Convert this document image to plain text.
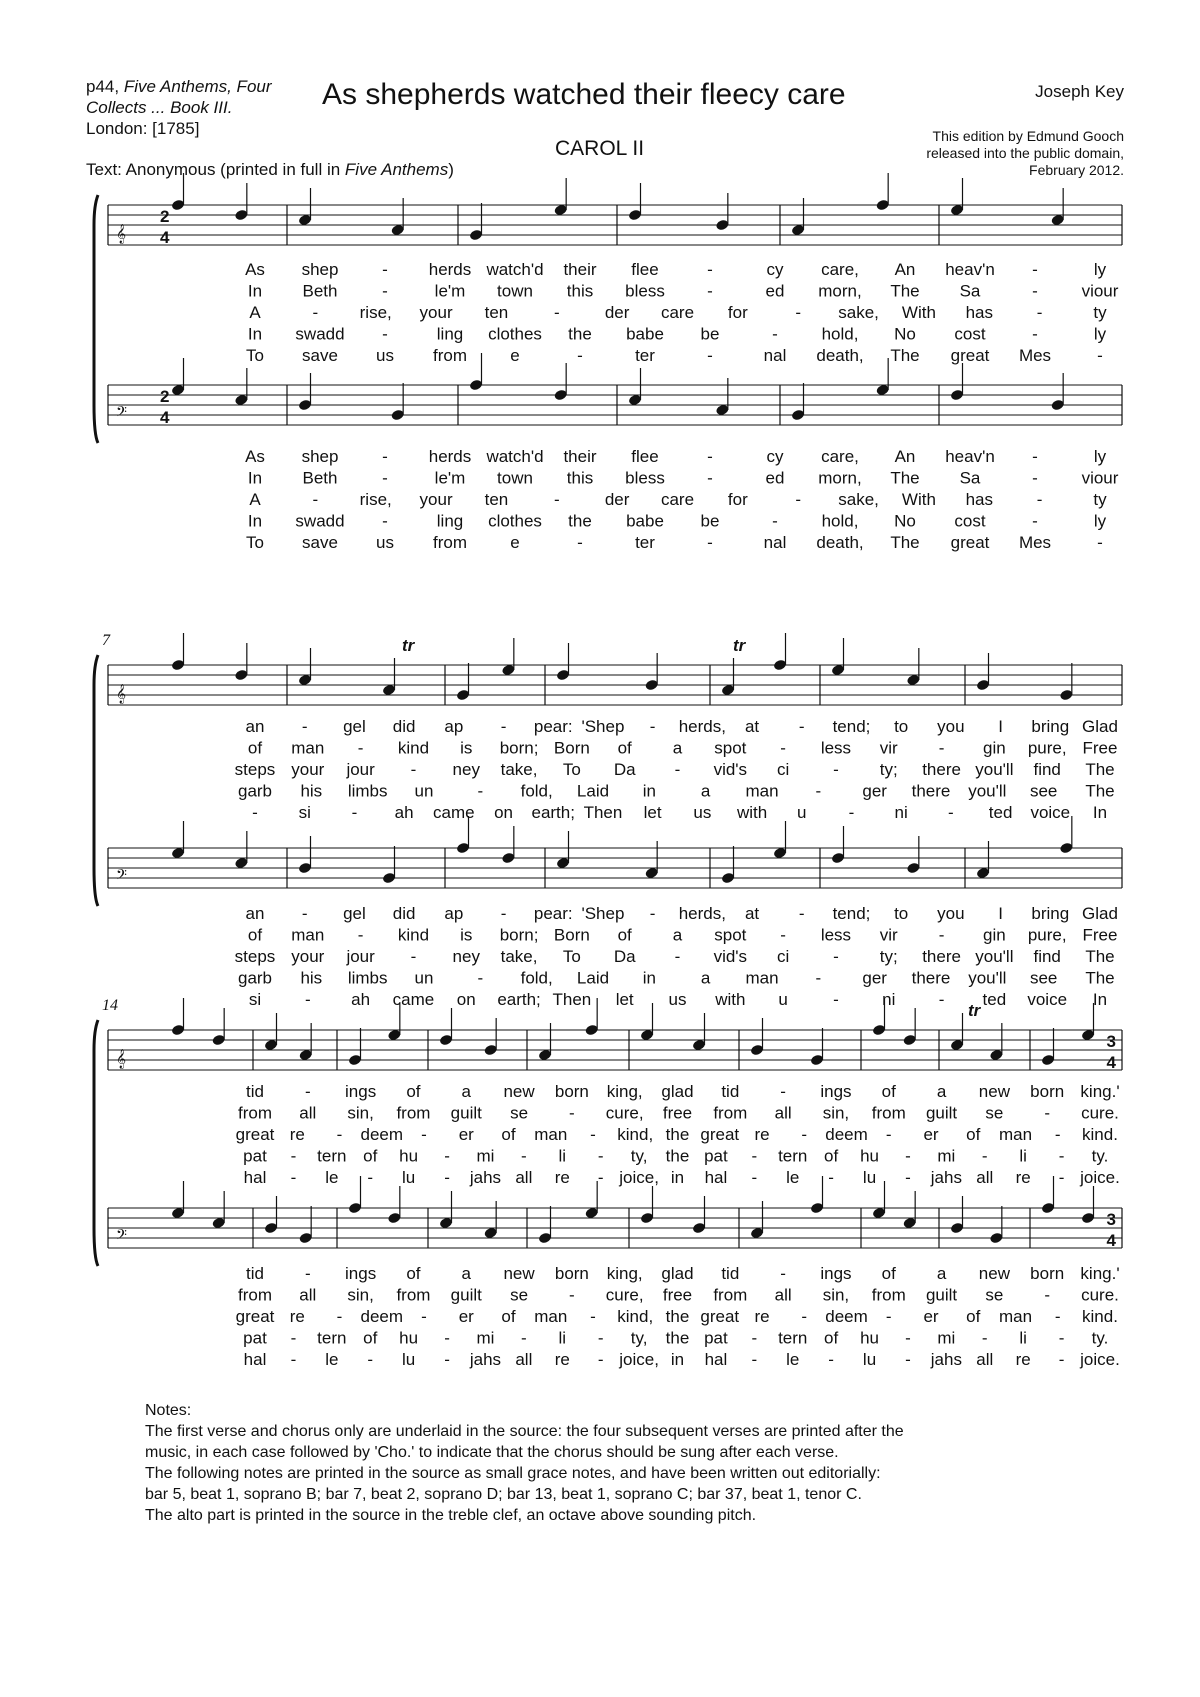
p44, Five Anthems, Four
Collects ... Book III.
London: [1785]
As shepherds watched their fleecy care	Joseph Key
CAROL II
This edition by Edmund Gooch
released into the public domain,
February 2012.
Text: Anonymous (printed in full in Five Anthems)
𝄞
𝄢
2
4
2
4
As shep	- herds watch'd their flee	-	cy care, An heav'n -	ly
In Beth	-	le'm town this bless -	ed morn, The Sa	-	viour
A	- rise, your ten	-	der care for	- sake, With has	-	ty
In swadd -	ling clothes the babe be	-	hold, No cost	-	ly
To save us from	e	-	ter	-	nal death, The great Mes	-
As shep	- herds watch'd their flee	-	cy care, An heav'n -	ly
In Beth	-	le'm town this bless -	ed morn, The Sa	-	viour
A	- rise, your ten	-	der care for	- sake, With has	-	ty
In swadd -	ling clothes the babe be	-	hold, No cost	-	ly
To save us from	e	-	ter	-	nal death, The great Mes	-
𝄞
𝄢
tr	tr
7
an - gel did ap - pear: 'Shep - herds, at - tend; to you I bring Glad
of man - kind is born; Born of a spot - less vir - gin pure, Free
steps your jour - ney take, To Da - vid's ci	- ty; there you'll find The
garb his limbs un	- fold, Laid in	a man - ger there you'll see The
- si - ah came on earth; Then let us with u - ni - ted voice In
an - gel did ap - pear: 'Shep - herds, at - tend; to you I bring Glad
of man - kind is born; Born of a spot - less vir - gin pure, Free
steps your jour - ney take, To Da - vid's ci	- ty; there you'll find The
garb his limbs un	- fold, Laid in	a man - ger there you'll see The
si	- ah came on earth; Then let us with u	-	ni	- ted voice In
𝄞
𝄢
3
4
3
4
tr
14
tid - ings of a new born king, glad tid - ings of a new born king.'
from all sin, from guilt se - cure, free from all sin, from guilt se - cure.
great re - deem - er of man - kind, the great re - deem - er of man - kind.
pat - tern of hu - mi - li - ty, the pat - tern of hu - mi - li - ty.
hal - le - lu - jahs all re - joice, in hal - le - lu - jahs all re - joice.
tid - ings of a new born king, glad tid - ings of a new born king.'
from all sin, from guilt se - cure, free from all sin, from guilt se - cure.
great re - deem - er of man - kind, the great re - deem - er of man - kind.
pat - tern of hu - mi - li - ty, the pat - tern of hu - mi - li - ty.
hal - le - lu - jahs all re - joice, in hal - le - lu - jahs all re - joice.
Notes:
The first verse and chorus only are underlaid in the source: the four subsequent verses are printed after the
music, in each case followed by 'Cho.' to indicate that the chorus should be sung after each verse.
The following notes are printed in the source as small grace notes, and have been written out editorially:
bar 5, beat 1, soprano B; bar 7, beat 2, soprano D; bar 13, beat 1, soprano C; bar 37, beat 1, tenor C.
The alto part is printed in the source in the treble clef, an octave above sounding pitch.
